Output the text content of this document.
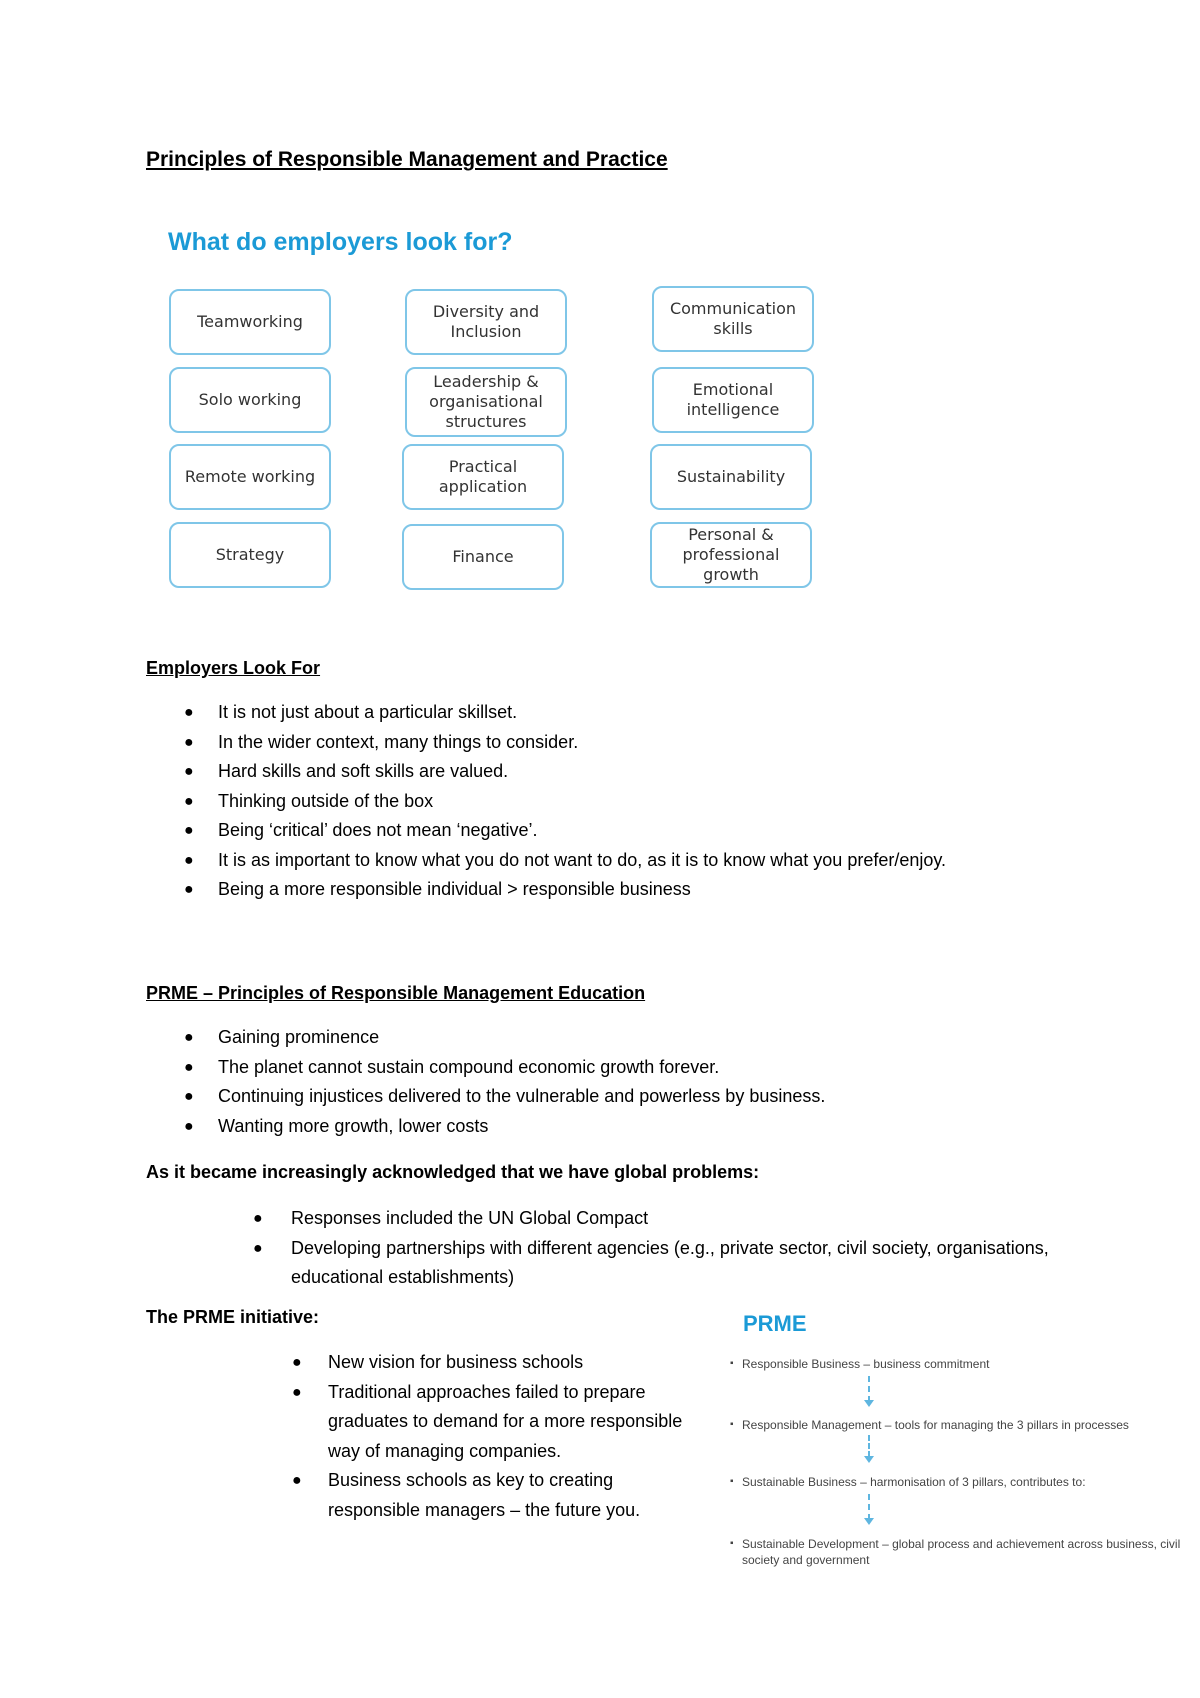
Principles of Responsible Management and Practice
What do employers look for?
Teamworking
Solo working
Remote working
Strategy
Diversity and Inclusion
Leadership & organisational structures
Practical application
Finance
Communication skills
Emotional intelligence
Sustainability
Personal & professional growth
Employers Look For
● It is not just about a particular skillset.
● In the wider context, many things to consider.
● Hard skills and soft skills are valued.
● Thinking outside of the box
● Being ‘critical’ does not mean ‘negative’.
● It is as important to know what you do not want to do, as it is to know what you prefer/enjoy.
● Being a more responsible individual > responsible business
PRME – Principles of Responsible Management Education
● Gaining prominence
● The planet cannot sustain compound economic growth forever.
● Continuing injustices delivered to the vulnerable and powerless by business.
● Wanting more growth, lower costs
As it became increasingly acknowledged that we have global problems:
● Responses included the UN Global Compact
● Developing partnerships with different agencies (e.g., private sector, civil society, organisations, educational establishments)
The PRME initiative:
● New vision for business schools
● Traditional approaches failed to prepare graduates to demand for a more responsible way of managing companies.
● Business schools as key to creating responsible managers – the future you.
PRME
▪ Responsible Business – business commitment
▪ Responsible Management – tools for managing the 3 pillars in processes
▪ Sustainable Business – harmonisation of 3 pillars, contributes to:
▪ Sustainable Development – global process and achievement across business, civil society and government
